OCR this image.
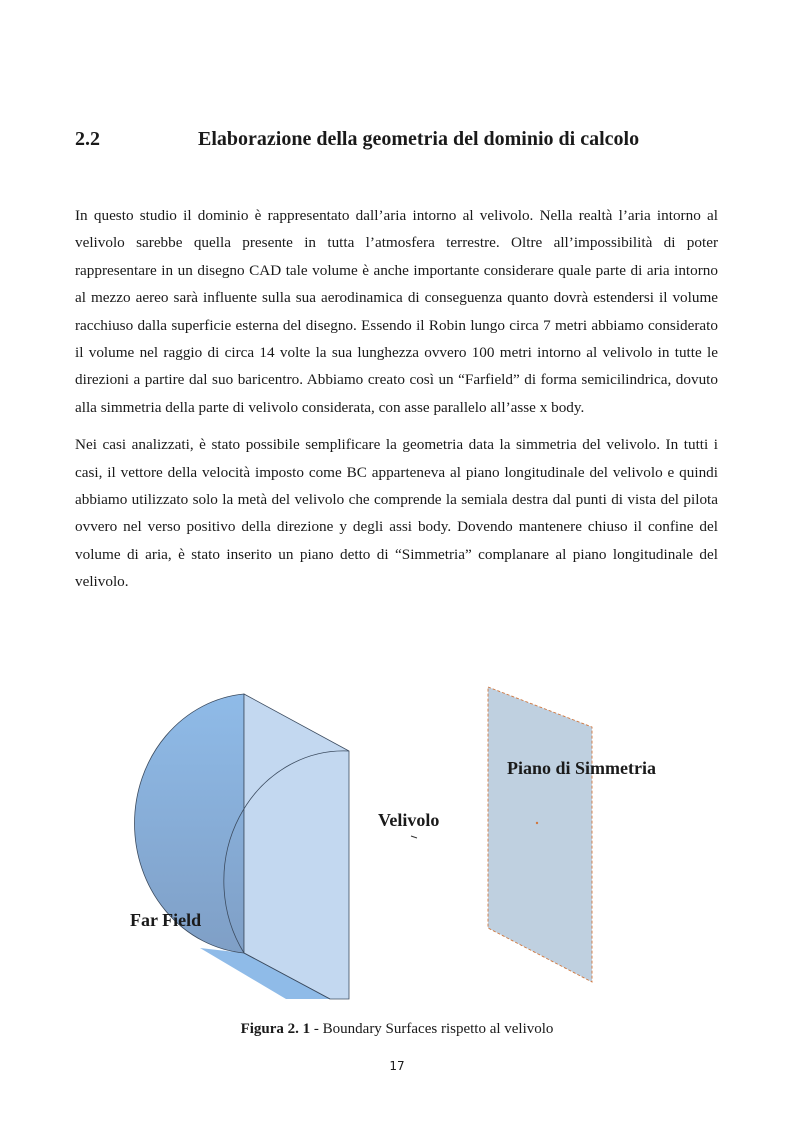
2.2	Elaborazione della geometria del dominio di calcolo

In questo studio il dominio è rappresentato dall’aria intorno al velivolo. Nella realtà l’aria intorno al velivolo sarebbe quella presente in tutta l’atmosfera terrestre. Oltre all’impossibilità di poter rappresentare in un disegno CAD tale volume è anche importante considerare quale parte di aria intorno al mezzo aereo sarà influente sulla sua aerodinamica di conseguenza quanto dovrà estendersi il volume racchiuso dalla superficie esterna del disegno. Essendo il Robin lungo circa 7 metri abbiamo considerato il volume nel raggio di circa 14 volte la sua lunghezza ovvero 100 metri intorno al velivolo in tutte le direzioni a partire dal suo baricentro. Abbiamo creato così un “Farfield” di forma semicilindrica, dovuto alla simmetria della parte di velivolo considerata, con asse parallelo all’asse x body.

Nei casi analizzati, è stato possibile semplificare la geometria data la simmetria del velivolo. In tutti i casi, il vettore della velocità imposto come BC apparteneva al piano longitudinale del velivolo e quindi abbiamo utilizzato solo la metà del velivolo che comprende la semiala destra dal punti di vista del pilota ovvero nel verso positivo della direzione y degli assi body. Dovendo mantenere chiuso il confine del volume di aria, è stato inserito un piano detto di “Simmetria” complanare al piano longitudinale del velivolo.

Far Field
Velivolo
Piano di Simmetria
Figura 2. 1 - Boundary Surfaces rispetto al velivolo
17
